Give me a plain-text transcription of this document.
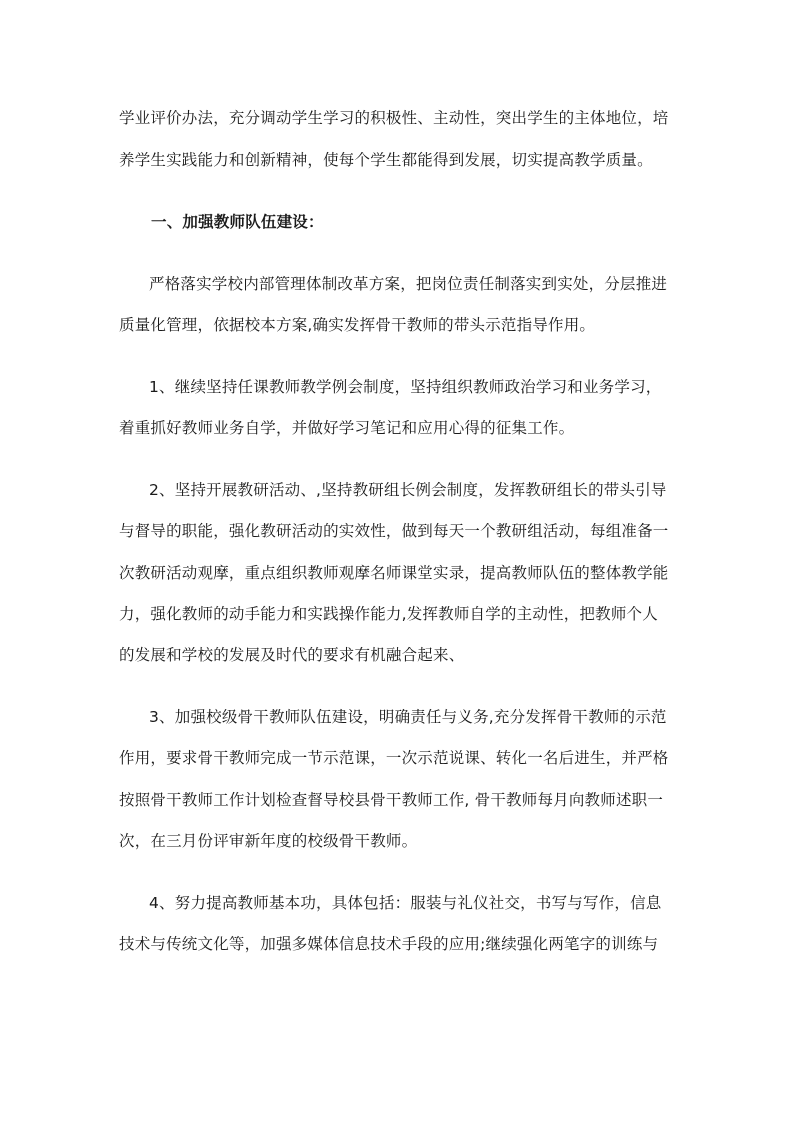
学业评价办法，充分调动学生学习的积极性、主动性，突出学生的主体地位，培
养学生实践能力和创新精神，使每个学生都能得到发展，切实提高教学质量。
一、加强教师队伍建设：
严格落实学校内部管理体制改革方案，把岗位责任制落实到实处，分层推进
质量化管理，依据校本方案,确实发挥骨干教师的带头示范指导作用。
1、继续坚持任课教师教学例会制度，坚持组织教师政治学习和业务学习，
着重抓好教师业务自学，并做好学习笔记和应用心得的征集工作。
2、坚持开展教研活动、,坚持教研组长例会制度，发挥教研组长的带头引导
与督导的职能，强化教研活动的实效性，做到每天一个教研组活动，每组准备一
次教研活动观摩，重点组织教师观摩名师课堂实录，提高教师队伍的整体教学能
力，强化教师的动手能力和实践操作能力,发挥教师自学的主动性，把教师个人
的发展和学校的发展及时代的要求有机融合起来、
3、加强校级骨干教师队伍建设，明确责任与义务,充分发挥骨干教师的示范
作用，要求骨干教师完成一节示范课，一次示范说课、转化一名后进生，并严格
按照骨干教师工作计划检查督导校县骨干教师工作, 骨干教师每月向教师述职一
次，在三月份评审新年度的校级骨干教师。
4、努力提高教师基本功，具体包括：服装与礼仪社交，书写与写作，信息
技术与传统文化等，加强多媒体信息技术手段的应用;继续强化两笔字的训练与
